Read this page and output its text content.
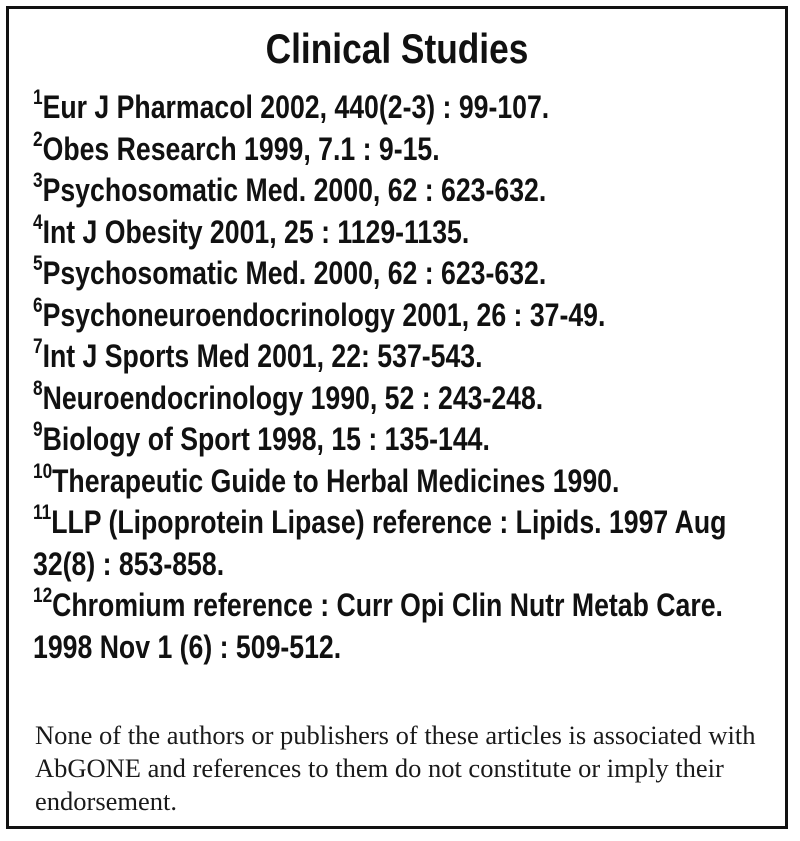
Clinical Studies
$^1$Eur J Pharmacol 2002, 440(2-3) : 99-107.
$^2$Obes Research 1999, 7.1 : 9-15.
$^3$Psychosomatic Med. 2000, 62 : 623-632.
$^4$Int J Obesity 2001, 25 : 1129-1135.
$^5$Psychosomatic Med. 2000, 62 : 623-632.
$^6$Psychoneuroendocrinology 2001, 26 : 37-49.
$^7$Int J Sports Med 2001, 22: 537-543.
$^8$Neuroendocrinology 1990, 52 : 243-248.
$^9$Biology of Sport 1998, 15 : 135-144.
$^{10}$Therapeutic Guide to Herbal Medicines 1990.
$^{11}$LLP (Lipoprotein Lipase) reference : Lipids. 1997 Aug
32(8) : 853-858.
$^{12}$Chromium reference : Curr Opi Clin Nutr Metab Care.
1998 Nov 1 (6) : 509-512.
None of the authors or publishers of these articles is associated with AbGONE and references to them do not constitute or imply their endorsement.
